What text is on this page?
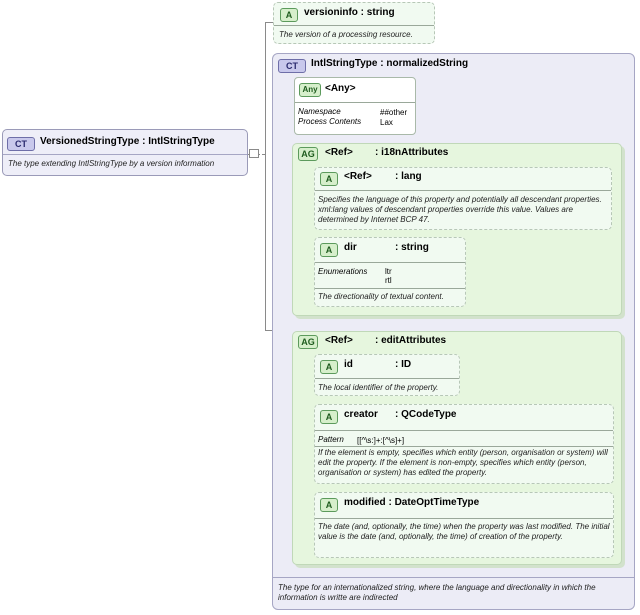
CT	VersionedStringType : IntlStringType
The type extending IntlStringType by a version information
A	versioninfo : string
The version of a processing resource.
CT	IntlStringType : normalizedString
The type for an internationalized string, where the language and directionality in which the information is writte are indirected
Any <Any>
Namespace	##other
Process Contents Lax
AG	<Ref> : i18nAttributes
A	<Ref> : lang
Specifies the language of this property and potentially all descendant properties. xml:lang values of descendant properties override this value. Values are determined by Internet BCP 47.
A	dir	: string
Enumerations ltr
rtl
The directionality of textual content.
AG	<Ref> : editAttributes
A	id	: ID
The local identifier of the property.
A	creator : QCodeType
Pattern [[^\s:]+:[^\s]+]
If the element is empty, specifies which entity (person, organisation or system) will edit the property. If the element is non-empty, specifies which entity (person, organisation or system) has edited the property.
A	modified : DateOptTimeType
The date (and, optionally, the time) when the property was last modified. The initial value is the date (and, optionally, the time) of creation of the property.
